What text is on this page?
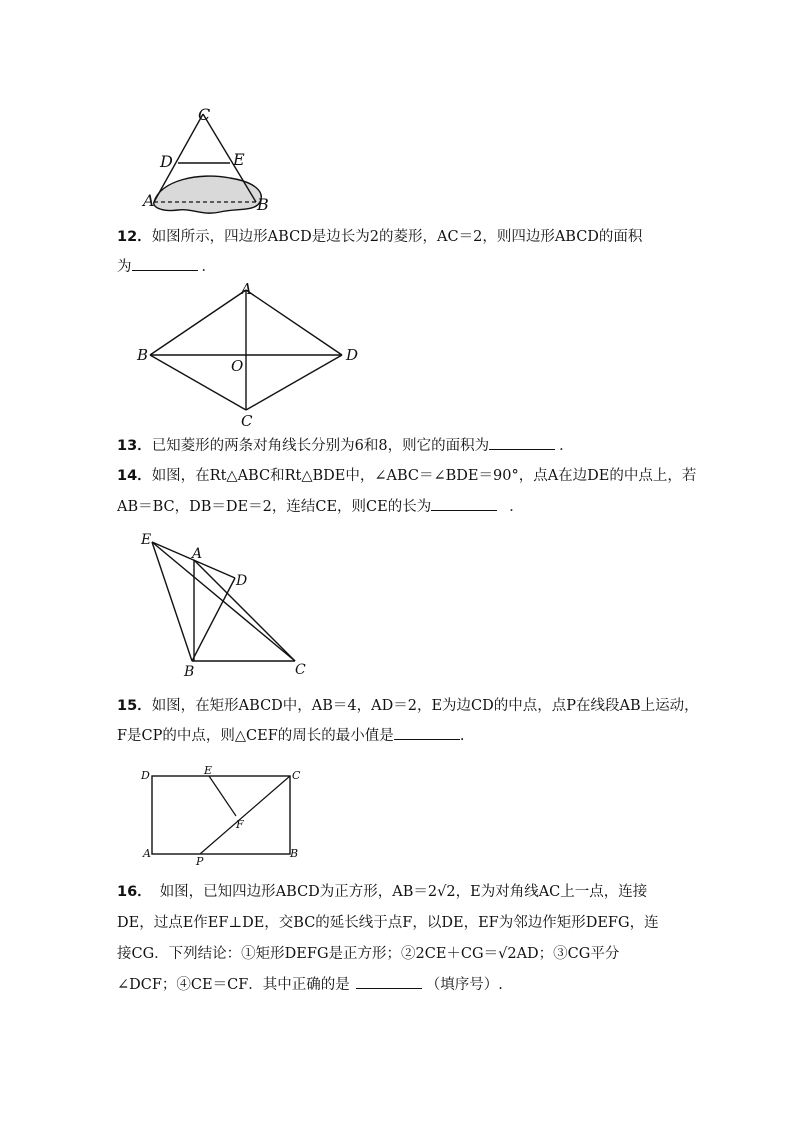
C
D	E
A	B
12．如图所示，四边形ABCD是边长为2的菱形，AC＝2，则四边形ABCD的面积
为	．
A
B	D
O
C
13．已知菱形的两条对角线长分别为6和8，则它的面积为	．
14．如图，在Rt△ABC和Rt△BDE中，∠ABC＝∠BDE＝90°，点A在边DE的中点上，若
AB＝BC，DB＝DE＝2，连结CE，则CE的长为	．
E
A
D
B	C
15．如图，在矩形ABCD中，AB＝4，AD＝2，E为边CD的中点，点P在线段AB上运动，
F是CP的中点，则△CEF的周长的最小值是	.
D	E	C
F
A
P
B
16． 如图，已知四边形ABCD为正方形，AB＝2√2，E为对角线AC上一点，连接
DE，过点E作EF⊥DE，交BC的延长线于点F，以DE，EF为邻边作矩形DEFG，连
接CG．下列结论：①矩形DEFG是正方形；②2CE＋CG＝√2AD；③CG平分
∠DCF；④CE＝CF．其中正确的是	（填序号）.
